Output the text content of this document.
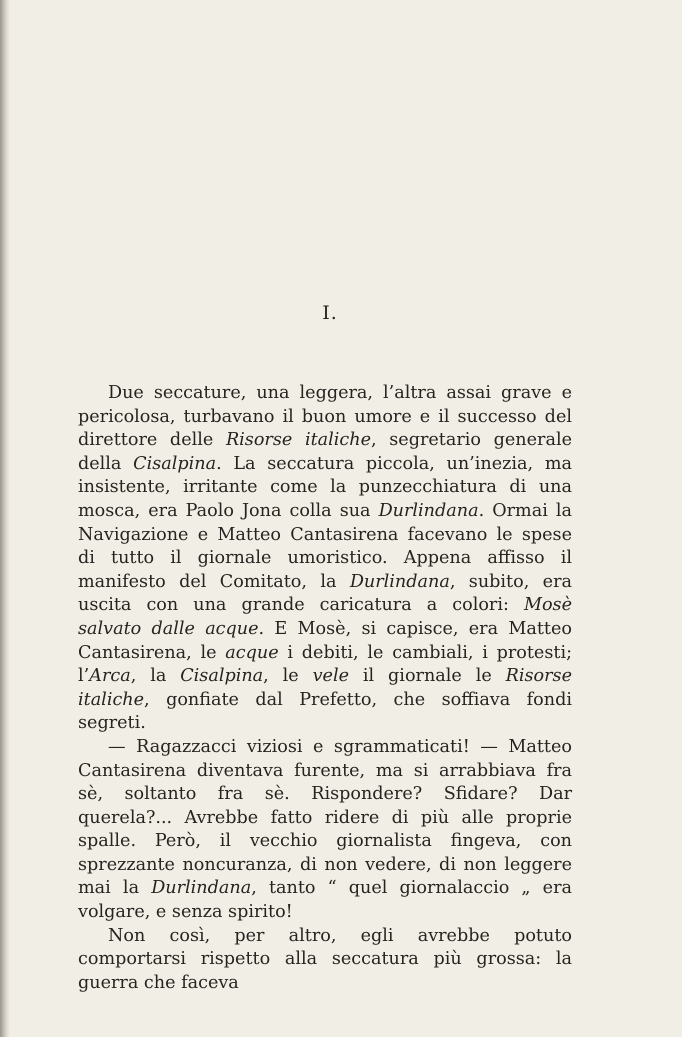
I.

Due seccature, una leggera, l’altra assai grave e pericolosa, turbavano il buon umore e il successo del direttore delle Risorse italiche, segretario generale della Cisalpina. La seccatura piccola, un’inezia, ma insistente, irritante come la punzecchiatura di una mosca, era Paolo Jona colla sua Durlindana. Ormai la Navigazione e Matteo Cantasirena facevano le spese di tutto il giornale umoristico. Appena affisso il manifesto del Comitato, la Durlindana, subito, era uscita con una grande caricatura a colori: Mosè salvato dalle acque. E Mosè, si capisce, era Matteo Cantasirena, le acque i debiti, le cambiali, i protesti; l’Arca, la Cisalpina, le vele il giornale le Risorse italiche, gonfiate dal Prefetto, che soffiava fondi segreti.

— Ragazzacci viziosi e sgrammaticati! — Matteo Cantasirena diventava furente, ma si arrabbiava fra sè, soltanto fra sè. Rispondere? Sfidare? Dar querela?... Avrebbe fatto ridere di più alle proprie spalle. Però, il vecchio giornalista fingeva, con sprezzante noncuranza, di non vedere, di non leggere mai la Durlindana, tanto “ quel giornalaccio „ era volgare, e senza spirito!

Non così, per altro, egli avrebbe potuto comportarsi rispetto alla seccatura più grossa: la guerra che faceva
